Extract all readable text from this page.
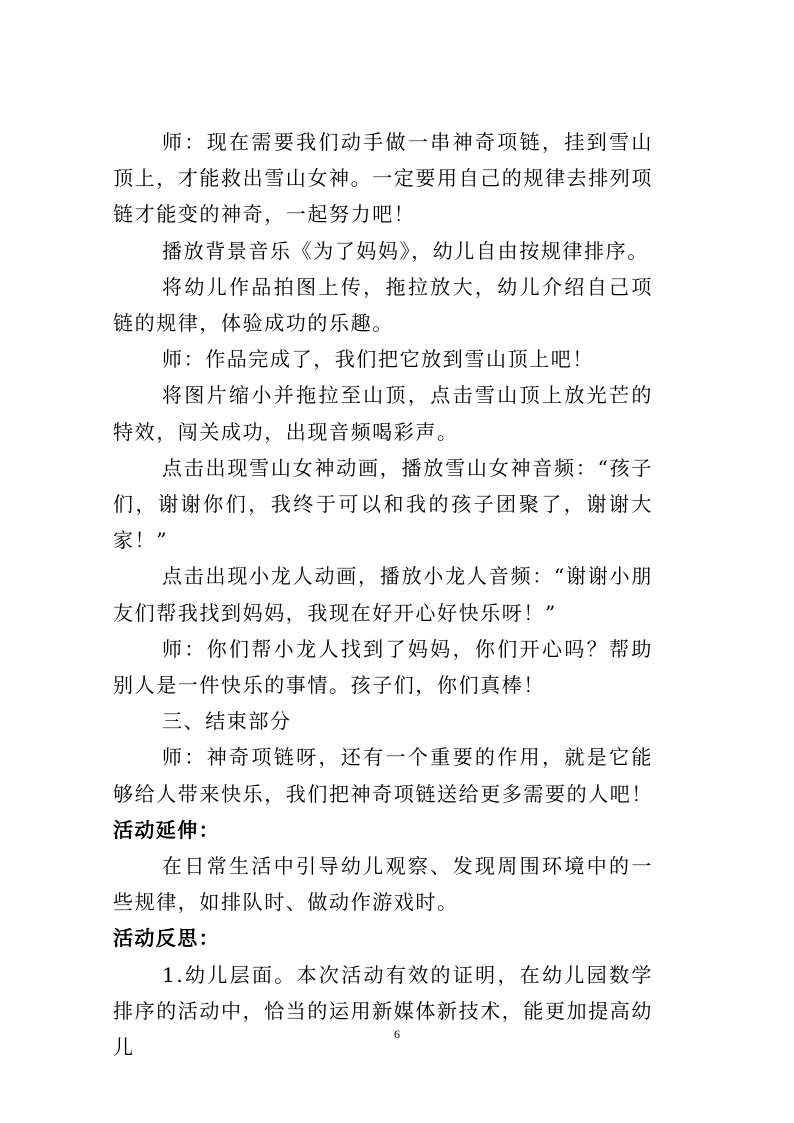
师：现在需要我们动手做一串神奇项链，挂到雪山顶上，才能救出雪山女神。一定要用自己的规律去排列项链才能变的神奇，一起努力吧！

播放背景音乐《为了妈妈》，幼儿自由按规律排序。

将幼儿作品拍图上传，拖拉放大，幼儿介绍自己项链的规律，体验成功的乐趣。

师：作品完成了，我们把它放到雪山顶上吧！

将图片缩小并拖拉至山顶，点击雪山顶上放光芒的特效，闯关成功，出现音频喝彩声。

点击出现雪山女神动画，播放雪山女神音频：“孩子们，谢谢你们，我终于可以和我的孩子团聚了，谢谢大家！”

点击出现小龙人动画，播放小龙人音频：“谢谢小朋友们帮我找到妈妈，我现在好开心好快乐呀！”

师：你们帮小龙人找到了妈妈，你们开心吗？帮助别人是一件快乐的事情。孩子们，你们真棒！

三、结束部分

师：神奇项链呀，还有一个重要的作用，就是它能够给人带来快乐，我们把神奇项链送给更多需要的人吧！

活动延伸：

在日常生活中引导幼儿观察、发现周围环境中的一些规律，如排队时、做动作游戏时。

活动反思：

1.幼儿层面。本次活动有效的证明，在幼儿园数学排序的活动中，恰当的运用新媒体新技术，能更加提高幼儿

6
